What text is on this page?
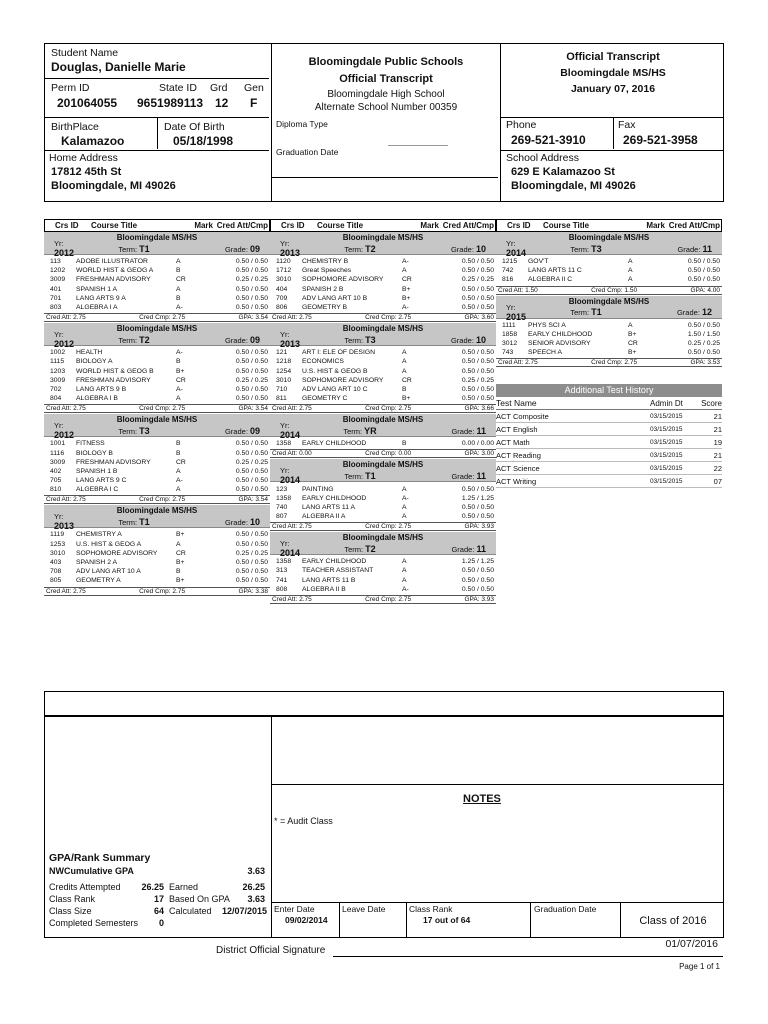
Student Name
Douglas, Danielle Marie
Perm ID
201064055
State ID
9651989113
Grd
12
Gen
F
BirthPlace
Kalamazoo
Date Of Birth
05/18/1998
Home Address
17812 45th St
Bloomingdale, MI 49026
Bloomingdale Public Schools
Official Transcript
Bloomingdale High School
Alternate School Number 00359
Diploma Type
Graduation Date
Official Transcript
Bloomingdale MS/HS
January 07, 2016
Phone
269-521-3910
Fax
269-521-3958
School Address
629 E Kalamazoo St
Bloomingdale, MI 49026
Crs ID	Course Title	Mark Cred Att/Cmp
Bloomingdale MS/HS
Yr: 2012	Term: T1	Grade: 09
113	ADOBE ILLUSTRATOR	A	0.50 / 0.50
1202	WORLD HIST & GEOG A	B	0.50 / 0.50
3009	FRESHMAN ADVISORY	CR	0.25 / 0.25
401	SPANISH 1 A	A	0.50 / 0.50
701	LANG ARTS 9 A	B	0.50 / 0.50
803	ALGEBRA I A	A-	0.50 / 0.50
Cred Att: 2.75	Cred Cmp: 2.75	GPA: 3.54
Bloomingdale MS/HS
Yr: 2012	Term: T2	Grade: 09
1002	HEALTH	A-	0.50 / 0.50
1115	BIOLOGY A	B	0.50 / 0.50
1203	WORLD HIST & GEOG B	B+	0.50 / 0.50
3009	FRESHMAN ADVISORY	CR	0.25 / 0.25
702	LANG ARTS 9 B	A-	0.50 / 0.50
804	ALGEBRA I B	A	0.50 / 0.50
Cred Att: 2.75	Cred Cmp: 2.75	GPA: 3.54
Bloomingdale MS/HS
Yr: 2012	Term: T3	Grade: 09
1001	FITNESS	B	0.50 / 0.50
1116	BIOLOGY B	B	0.50 / 0.50
3009	FRESHMAN ADVISORY	CR	0.25 / 0.25
402	SPANISH 1 B	A	0.50 / 0.50
705	LANG ARTS 9 C	A-	0.50 / 0.50
810	ALGEBRA I C	A	0.50 / 0.50
Cred Att: 2.75	Cred Cmp: 2.75	GPA: 3.54
Bloomingdale MS/HS
Yr: 2013	Term: T1	Grade: 10
1119	CHEMISTRY A	B+	0.50 / 0.50
1253	U.S. HIST & GEOG A	A	0.50 / 0.50
3010	SOPHOMORE ADVISORY	CR	0.25 / 0.25
403	SPANISH 2 A	B+	0.50 / 0.50
708	ADV LANG ART 10 A	B	0.50 / 0.50
805	GEOMETRY A	B+	0.50 / 0.50
Cred Att: 2.75	Cred Cmp: 2.75	GPA: 3.38
Crs ID	Course Title	Mark Cred Att/Cmp
Bloomingdale MS/HS
Yr: 2013	Term: T2	Grade: 10
1120	CHEMISTRY B	A-	0.50 / 0.50
1712	Great Speeches	A	0.50 / 0.50
3010	SOPHOMORE ADVISORY	CR	0.25 / 0.25
404	SPANISH 2 B	B+	0.50 / 0.50
709	ADV LANG ART 10 B	B+	0.50 / 0.50
806	GEOMETRY B	A-	0.50 / 0.50
Cred Att: 2.75	Cred Cmp: 2.75	GPA: 3.60
Bloomingdale MS/HS
Yr: 2013	Term: T3	Grade: 10
121	ART I: ELE OF DESIGN	A	0.50 / 0.50
1218	ECONOMICS	A	0.50 / 0.50
1254	U.S. HIST & GEOG B	A	0.50 / 0.50
3010	SOPHOMORE ADVISORY	CR	0.25 / 0.25
710	ADV LANG ART 10 C	B	0.50 / 0.50
811	GEOMETRY C	B+	0.50 / 0.50
Cred Att: 2.75	Cred Cmp: 2.75	GPA: 3.66
Bloomingdale MS/HS
Yr: 2014	Term: YR	Grade: 11
1358	EARLY CHILDHOOD	B	0.00 / 0.00
Cred Att: 0.00	Cred Cmp: 0.00	GPA: 3.00
Bloomingdale MS/HS
Yr: 2014	Term: T1	Grade: 11
123	PAINTING	A	0.50 / 0.50
1358	EARLY CHILDHOOD	A-	1.25 / 1.25
740	LANG ARTS 11 A	A	0.50 / 0.50
807	ALGEBRA II A	A	0.50 / 0.50
Cred Att: 2.75	Cred Cmp: 2.75	GPA: 3.93
Bloomingdale MS/HS
Yr: 2014	Term: T2	Grade: 11
1358	EARLY CHILDHOOD	A	1.25 / 1.25
313	TEACHER ASSISTANT	A	0.50 / 0.50
741	LANG ARTS 11 B	A	0.50 / 0.50
808	ALGEBRA II B	A-	0.50 / 0.50
Cred Att: 2.75	Cred Cmp: 2.75	GPA: 3.93
Crs ID	Course Title	Mark Cred Att/Cmp
Bloomingdale MS/HS
Yr: 2014	Term: T3	Grade: 11
1215	GOV'T	A	0.50 / 0.50
742	LANG ARTS 11 C	A	0.50 / 0.50
816	ALGEBRA II C	A	0.50 / 0.50
Cred Att: 1.50	Cred Cmp: 1.50	GPA: 4.00
Bloomingdale MS/HS
Yr: 2015	Term: T1	Grade: 12
1111	PHYS SCI A	A	0.50 / 0.50
1858	EARLY CHILDHOOD	B+	1.50 / 1.50
3012	SENIOR ADVISORY	CR	0.25 / 0.25
743	SPEECH A	B+	0.50 / 0.50
Cred Att: 2.75	Cred Cmp: 2.75	GPA: 3.53
Additional Test History
Test Name	Admin Dt	Score
ACT Composite	03/15/2015	21
ACT English	03/15/2015	21
ACT Math	03/15/2015	19
ACT Reading	03/15/2015	21
ACT Science	03/15/2015	22
ACT Writing	03/15/2015	07
NOTES
* = Audit Class
GPA/Rank Summary
NWCumulative GPA	3.63
Credits Attempted	26.25 Earned	26.25
Class Rank	17 Based On GPA	3.63
Class Size	64 Calculated	12/07/2015
Completed Semesters	0
Enter Date
09/02/2014
Leave Date	Class Rank
17 out of 64
Graduation Date
Class of 2016
District Official Signature
01/07/2016
Page 1 of 1
